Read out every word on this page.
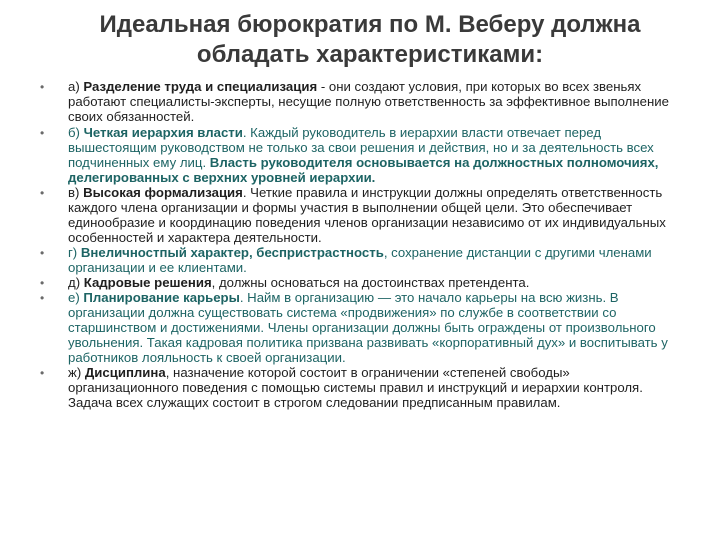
Идеальная бюрократия по М. Веберу должна
обладать характеристиками:
• а) Разделение труда и специализация - они создают условия, при которых во всех звеньях работают специалисты-эксперты, несущие полную ответственность за эффективное выполнение своих обязанностей.
• б) Четкая иерархия власти. Каждый руководитель в иерархии власти отвечает перед вышестоящим руководством не только за свои решения и действия, но и за деятельность всех подчиненных ему лиц. Власть руководителя основывается на должностных полномочиях, делегированных с верхних уровней иерархии.
• в) Высокая формализация. Четкие правила и инструкции должны определять ответственность каждого члена организации и формы участия в выполнении общей цели. Это обеспечивает единообразие и координацию поведения членов организации независимо от их индивидуальных особенностей и характера деятельности.
• г) Внеличностпый характер, беспристрастность, сохранение дистанции с другими членами организации и ее клиентами.
• д) Кадровые решения, должны основаться на достоинствах претендента.
• е) Планирование карьеры. Найм в организацию — это начало карьеры на всю жизнь. В организации должна существовать система «продвижения» по службе в соответствии со старшинством и достижениями. Члены организации должны быть ограждены от произвольного увольнения. Такая кадровая политика призвана развивать «корпоративный дух» и воспитывать у работников лояльность к своей организации.
• ж) Дисциплина, назначение которой состоит в ограничении «степеней свободы» организационного поведения с помощью системы правил и инструкций и иерархии контроля. Задача всех служащих состоит в строгом следовании предписанным правилам.
